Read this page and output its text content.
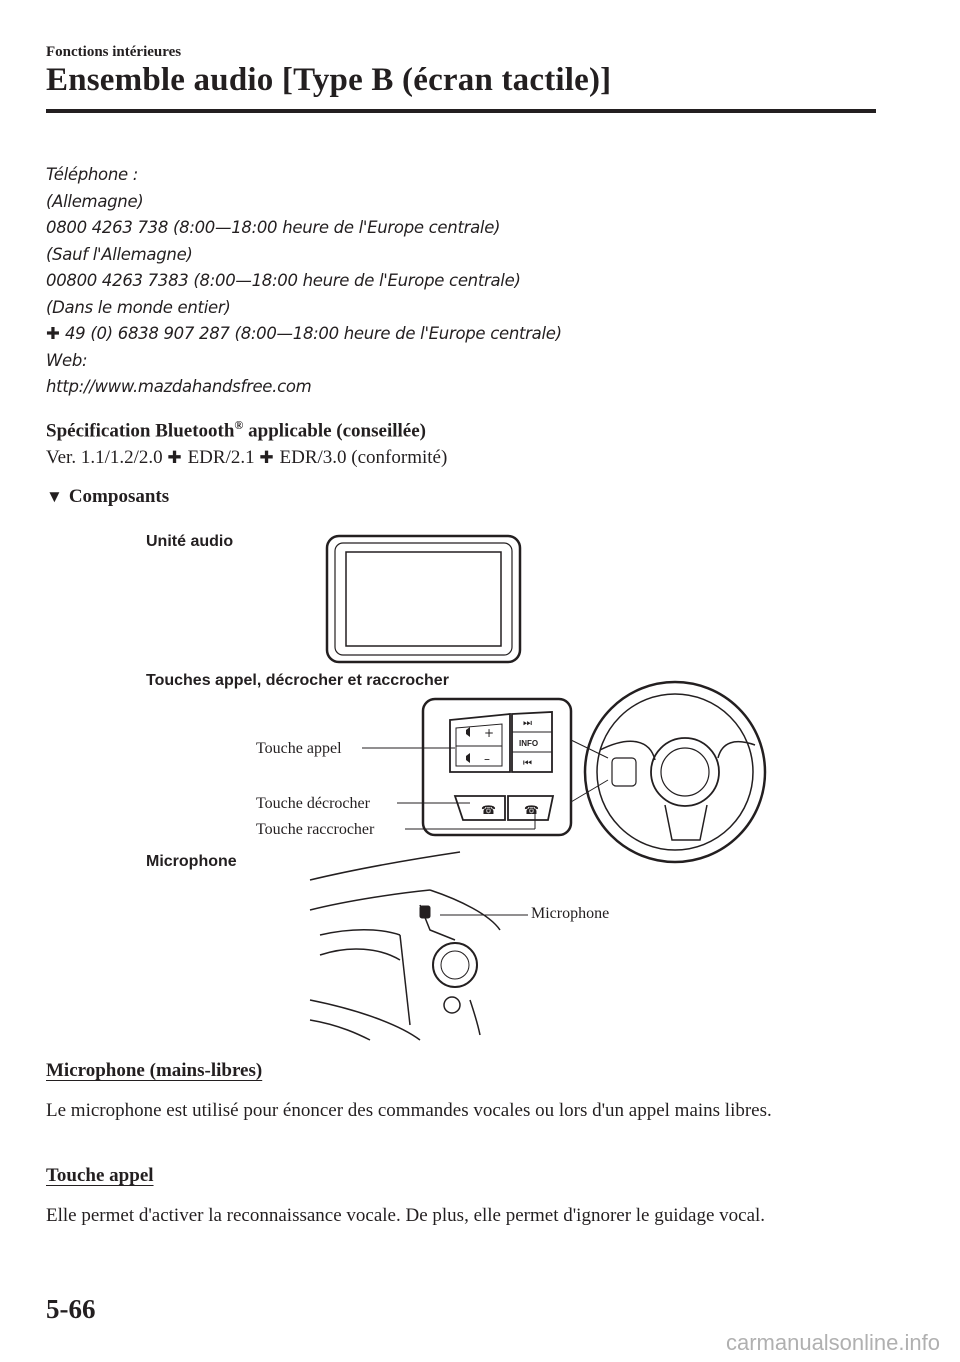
Fonctions intérieures
Ensemble audio [Type B (écran tactile)]
Téléphone :
(Allemagne)
0800 4263 738 (8:00—18:00 heure de l'Europe centrale)
(Sauf l'Allemagne)
00800 4263 7383 (8:00—18:00 heure de l'Europe centrale)
(Dans le monde entier)
✚ 49 (0) 6838 907 287 (8:00—18:00 heure de l'Europe centrale)
Web:
http://www.mazdahandsfree.com
Spécification Bluetooth® applicable (conseillée)
Ver. 1.1/1.2/2.0 ✚ EDR/2.1 ✚ EDR/3.0 (conformité)
▼ Composants
Unité audio
Touches appel, décrocher et raccrocher
Touche appel
Touche décrocher
Touche raccrocher
Microphone
Microphone
+
–
⏭
INFO
⏮
☎ ☎
Microphone (mains-libres)
Le microphone est utilisé pour énoncer des commandes vocales ou lors d'un appel mains libres.
Touche appel
Elle permet d'activer la reconnaissance vocale. De plus, elle permet d'ignorer le guidage vocal.
5-66
carmanualsonline.info
